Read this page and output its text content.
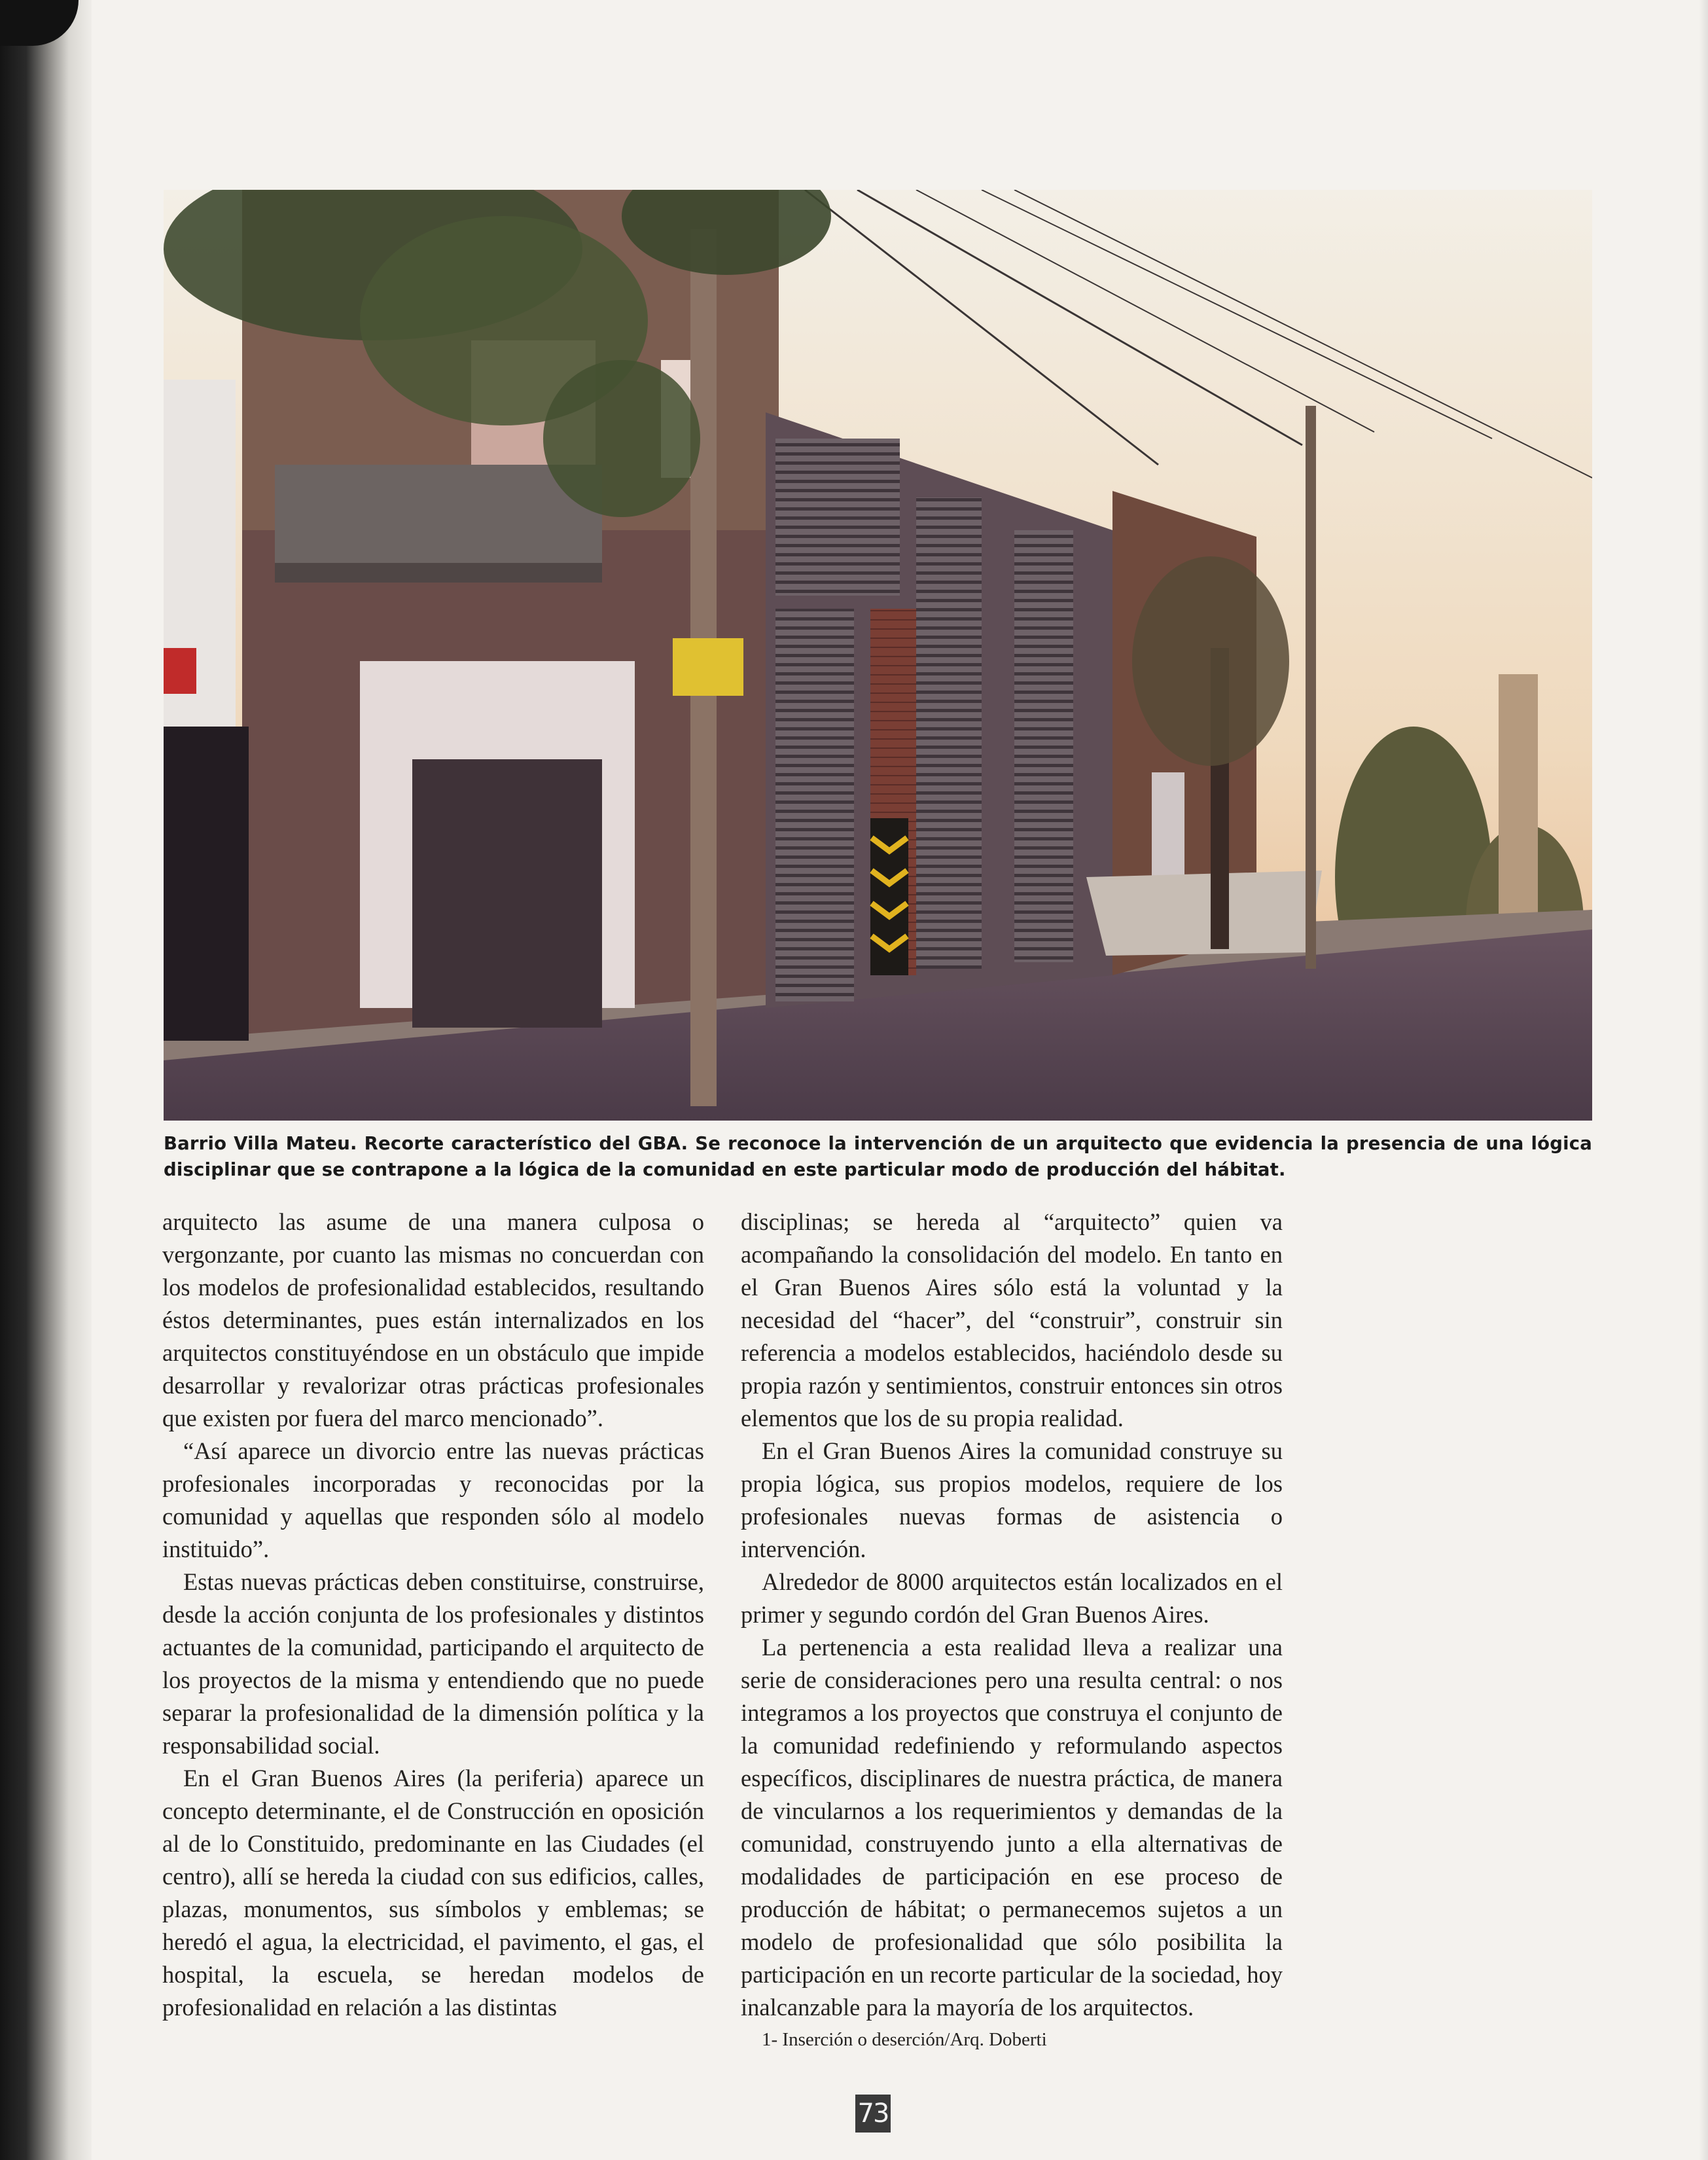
Barrio Villa Mateu. Recorte característico del GBA. Se reconoce la intervención de un arquitecto que evidencia la presencia de una lógica disciplinar que se contrapone a la lógica de la comunidad en este particular modo de producción del hábitat.

arquitecto las asume de una manera culposa o vergonzante, por cuanto las mismas no concuerdan con los modelos de profesionalidad establecidos, resultando éstos determinantes, pues están internalizados en los arquitectos constituyéndose en un obstáculo que impide desarrollar y revalorizar otras prácticas profesionales que existen por fuera del marco mencionado”.

“Así aparece un divorcio entre las nuevas prácticas profesionales incorporadas y reconocidas por la comunidad y aquellas que responden sólo al modelo instituido”.

Estas nuevas prácticas deben constituirse, construirse, desde la acción conjunta de los profesionales y distintos actuantes de la comunidad, participando el arquitecto de los proyectos de la misma y entendiendo que no puede separar la profesionalidad de la dimensión política y la responsabilidad social.

En el Gran Buenos Aires (la periferia) aparece un concepto determinante, el de Construcción en oposición al de lo Constituido, predominante en las Ciudades (el centro), allí se hereda la ciudad con sus edificios, calles, plazas, monumentos, sus símbolos y emblemas; se heredó el agua, la electricidad, el pavimento, el gas, el hospital, la escuela, se heredan modelos de profesionalidad en relación a las distintas

disciplinas; se hereda al “arquitecto” quien va acompañando la consolidación del modelo. En tanto en el Gran Buenos Aires sólo está la voluntad y la necesidad del “hacer”, del “construir”, construir sin referencia a modelos establecidos, haciéndolo desde su propia razón y sentimientos, construir entonces sin otros elementos que los de su propia realidad.

En el Gran Buenos Aires la comunidad construye su propia lógica, sus propios modelos, requiere de los profesionales nuevas formas de asistencia o intervención.

Alrededor de 8000 arquitectos están localizados en el primer y segundo cordón del Gran Buenos Aires.

La pertenencia a esta realidad lleva a realizar una serie de consideraciones pero una resulta central: o nos integramos a los proyectos que construya el conjunto de la comunidad redefiniendo y reformulando aspectos específicos, disciplinares de nuestra práctica, de manera de vincularnos a los requerimientos y demandas de la comunidad, construyendo junto a ella alternativas de modalidades de participación en ese proceso de producción de hábitat; o permanecemos sujetos a un modelo de profesionalidad que sólo posibilita la participación en un recorte particular de la sociedad, hoy inalcanzable para la mayoría de los arquitectos.

1- Inserción o deserción/Arq. Doberti

73
